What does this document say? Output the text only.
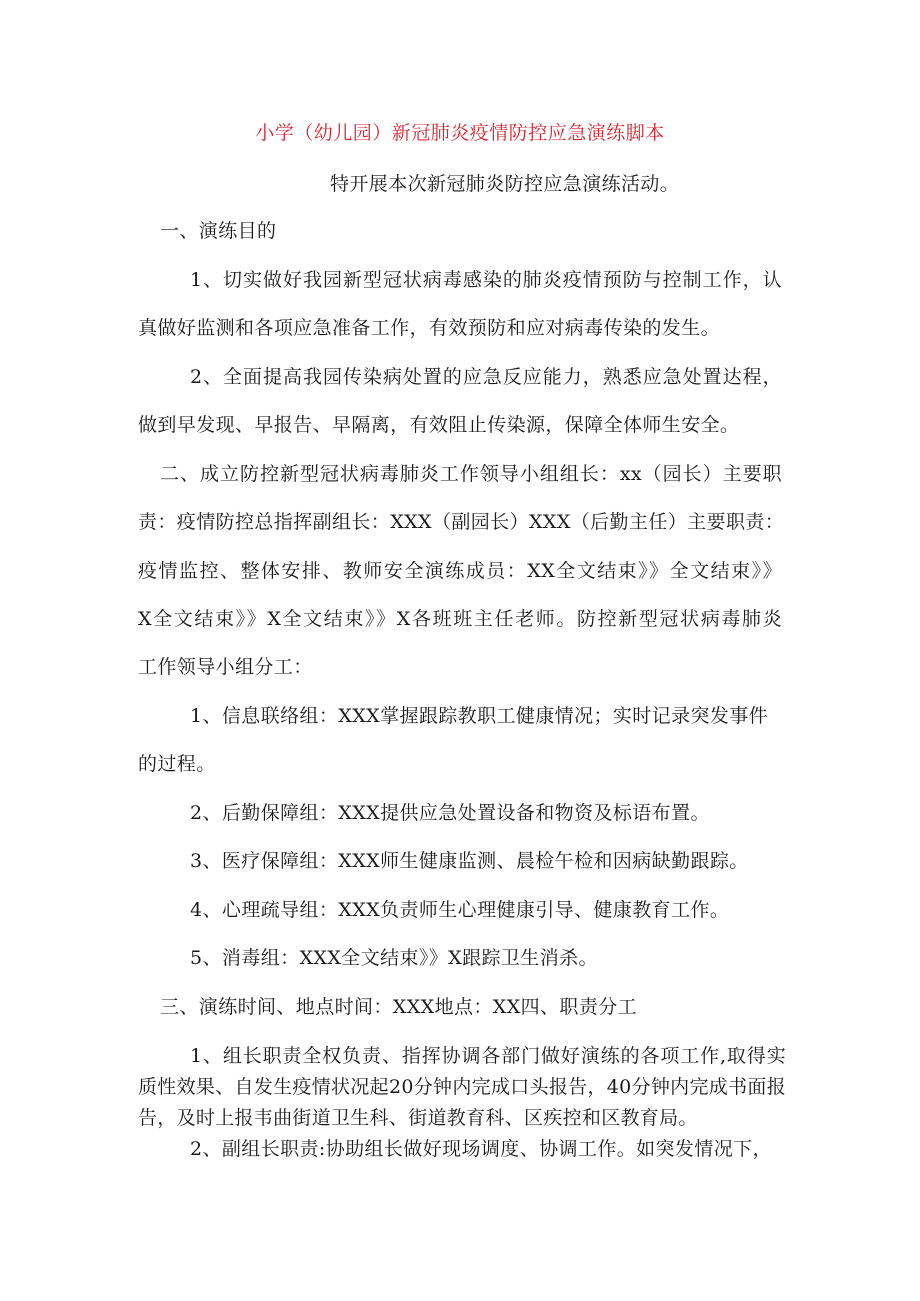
小学（幼儿园）新冠肺炎疫情防控应急演练脚本
特开展本次新冠肺炎防控应急演练活动。
一、演练目的
1、切实做好我园新型冠状病毒感染的肺炎疫情预防与控制工作，认
真做好监测和各项应急准备工作，有效预防和应对病毒传染的发生。
2、全面提高我园传染病处置的应急反应能力，熟悉应急处置达程，
做到早发现、早报告、早隔离，有效阻止传染源，保障全体师生安全。
二、成立防控新型冠状病毒肺炎工作领导小组组长：xx（园长）主要职
责：疫情防控总指挥副组长：XXX（副园长）XXX（后勤主任）主要职责：
疫情监控、整体安排、教师安全演练成员：XX全文结束》》全文结束》》
X全文结束》》X全文结束》》X各班班主任老师。防控新型冠状病毒肺炎
工作领导小组分工：
1、信息联络组：XXX掌握跟踪教职工健康情况；实时记录突发事件
的过程。
2、后勤保障组：XXX提供应急处置设备和物资及标语布置。
3、医疗保障组：XXX师生健康监测、晨检午检和因病缺勤跟踪。
4、心理疏导组：XXX负责师生心理健康引导、健康教育工作。
5、消毒组：XXX全文结束》》X跟踪卫生消杀。
三、演练时间、地点时间：XXX地点：XX四、职责分工
1、组长职责全权负责、指挥协调各部门做好演练的各项工作,取得实质性效果、自发生疫情状况起20分钟内完成口头报告，40分钟内完成书面报告，及时上报韦曲街道卫生科、街道教育科、区疾控和区教育局。
2、副组长职责:协助组长做好现场调度、协调工作。如突发情况下，
